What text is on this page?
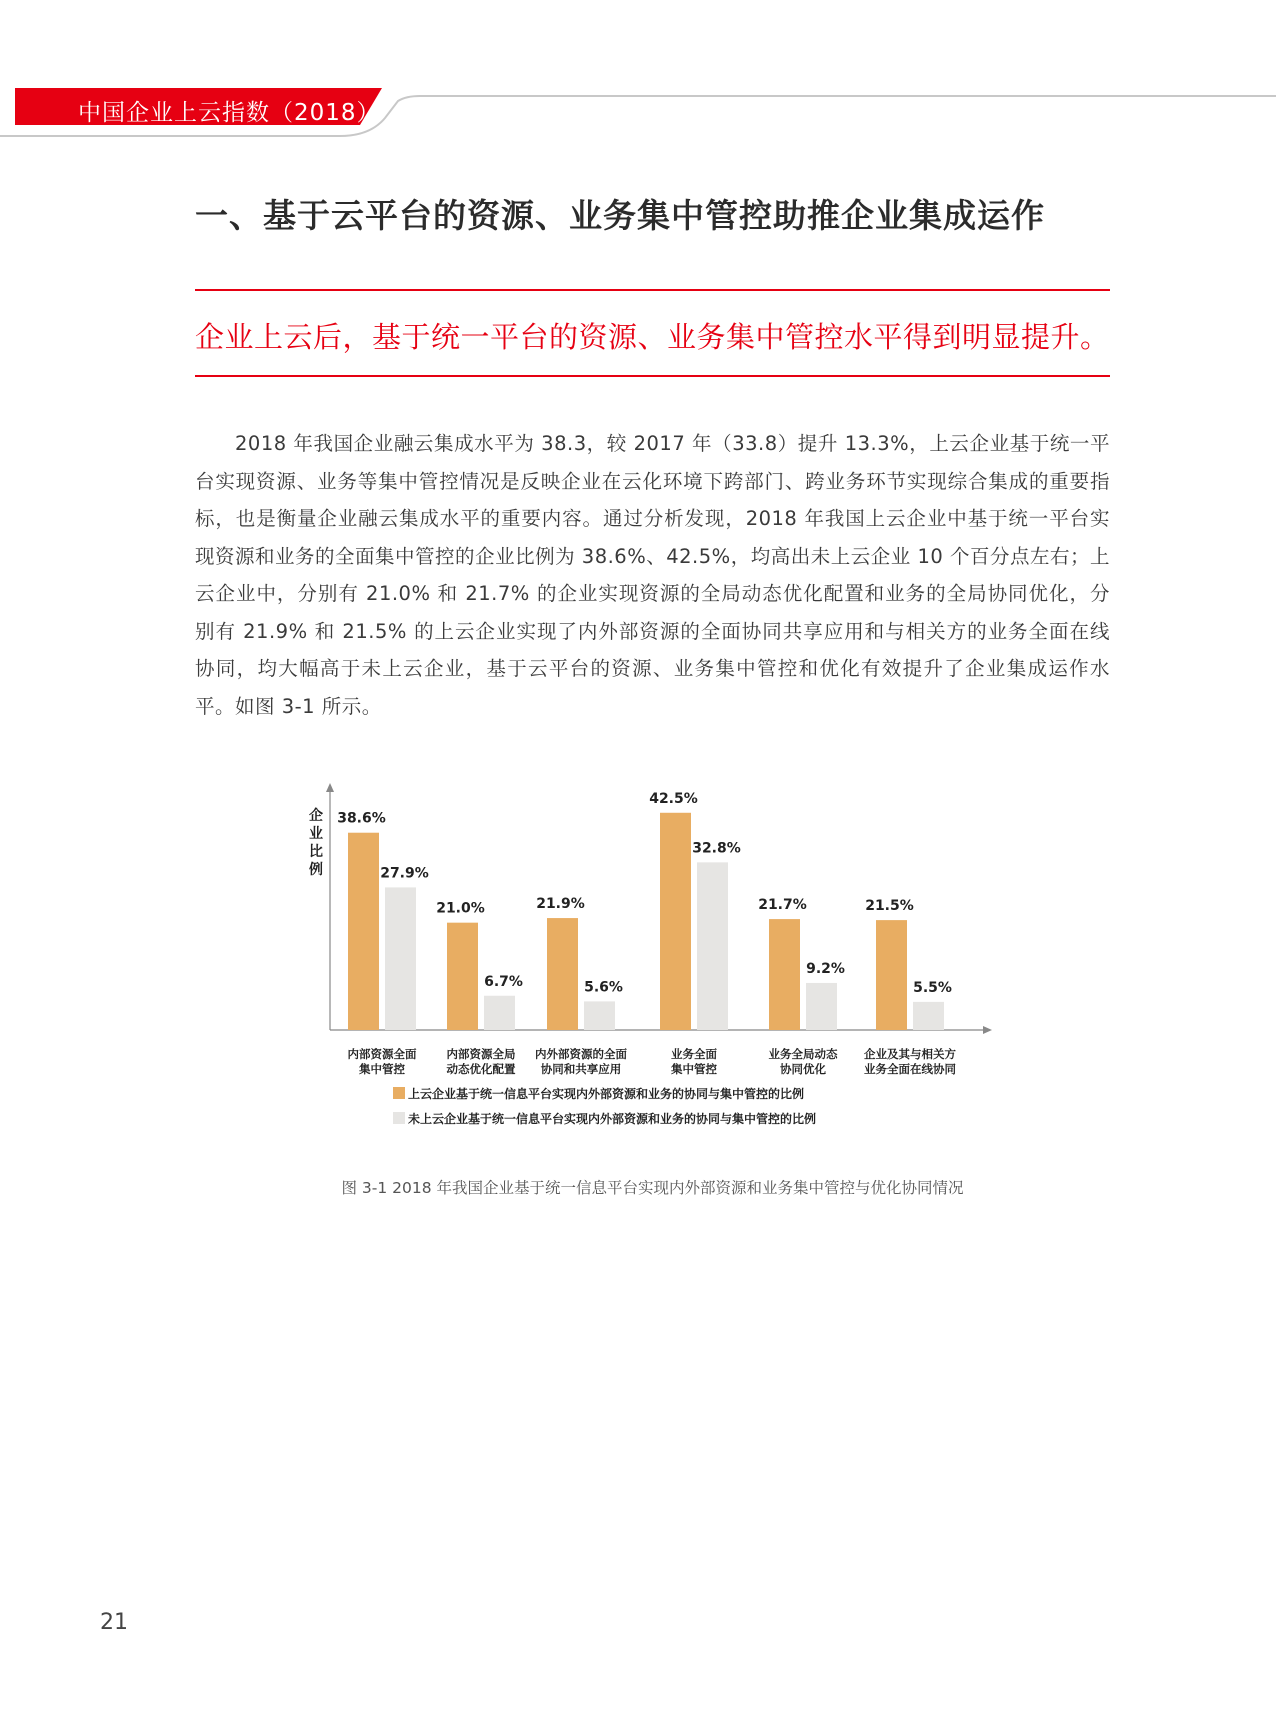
中国企业上云指数（2018）
一、基于云平台的资源、业务集中管控助推企业集成运作
企业上云后，基于统一平台的资源、业务集中管控水平得到明显提升。
2018 年我国企业融云集成水平为 38.3，较 2017 年（33.8）提升 13.3%，上云企业基于统一平台实现资源、业务等集中管控情况是反映企业在云化环境下跨部门、跨业务环节实现综合集成的重要指标，也是衡量企业融云集成水平的重要内容。通过分析发现，2018 年我国上云企业中基于统一平台实现资源和业务的全面集中管控的企业比例为 38.6%、42.5%，均高出未上云企业 10 个百分点左右；上云企业中，分别有 21.0% 和 21.7% 的企业实现资源的全局动态优化配置和业务的全局协同优化，分别有 21.9% 和 21.5% 的上云企业实现了内外部资源的全面协同共享应用和与相关方的业务全面在线协同，均大幅高于未上云企业，基于云平台的资源、业务集中管控和优化有效提升了企业集成运作水平。如图 3-1 所示。
企业比例
38.6%
21.0%	21.9%
42.5%
21.7%	21.5%
27.9%
6.7%	5.6%
32.8%
9.2%
5.5%
内部资源全面集中管控
内部资源全局动态优化配置
内外部资源的全面协同和共享应用
业务全面集中管控
业务全局动态协同优化
企业及其与相关方业务全面在线协同
上云企业基于统一信息平台实现内外部资源和业务的协同与集中管控的比例
未上云企业基于统一信息平台实现内外部资源和业务的协同与集中管控的比例
图 3-1 2018 年我国企业基于统一信息平台实现内外部资源和业务集中管控与优化协同情况
21
